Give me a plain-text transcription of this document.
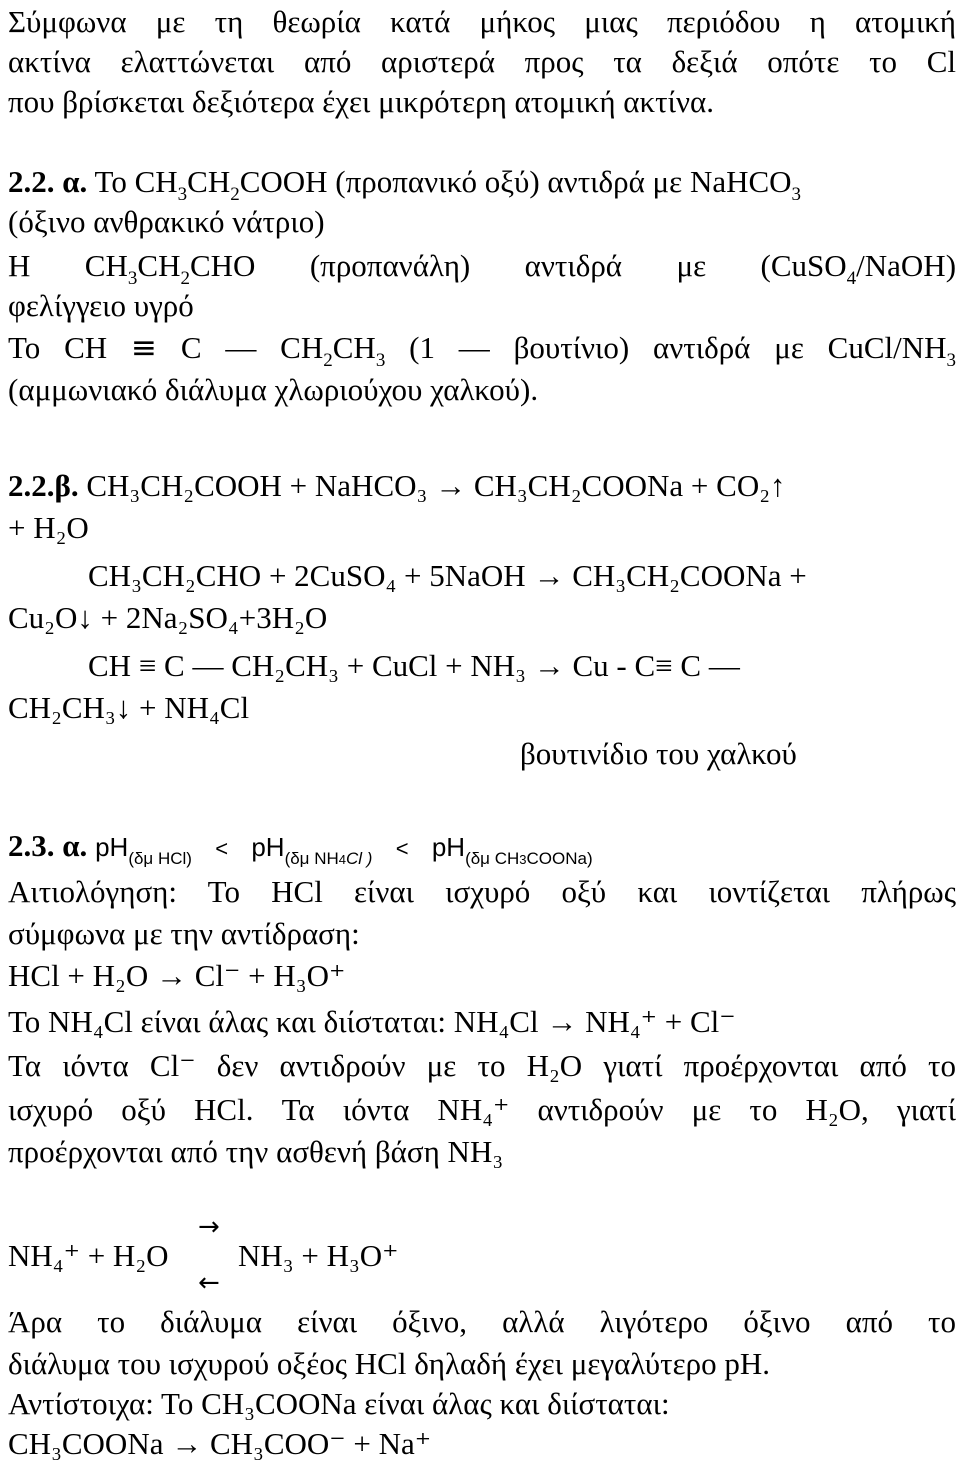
Σύμφωνα με τη θεωρία κατά μήκος μιας περιόδου η ατομική
ακτίνα ελαττώνεται από αριστερά προς τα δεξιά οπότε το Cl
που βρίσκεται δεξιότερα έχει μικρότερη ατομική ακτίνα.
2.2. α. Το $CH_3CH_2COOH$ (προπανικό οξύ) αντιδρά με NaHCO$_3$
(όξινο ανθρακικό νάτριο)
Η $CH_3CH_2CHO$ (προπανάλη) αντιδρά με (CuSO$_4$/NaOH)
φελίγγειο υγρό
Το CH ≡ C — $CH_2CH_3$ (1 — βουτίνιο) αντιδρά με CuCl/$NH_3$
(αμμωνιακό διάλυμα χλωριούχου χαλκού).
2.2.β. CH₃CH₂COOH + NaHCO₃ → CH₃CH₂COONa + CO₂↑
+ H₂O
CH₃CH₂CHO + 2CuSO₄ + 5NaOH → CH₃CH₂COONa +
Cu₂O↓ + 2Na₂SO₄+3H₂O
CH ≡ C — CH₂CH₃ + CuCl + NH₃ → Cu - C≡ C —
CH₂CH₃↓ + NH₄Cl
βουτινίδιο του χαλκού
2.3. α. $pH_{(\delta\mu HCl)} < pH_{(\delta\mu NH4Cl )} < pH_{(\delta\mu CH3COONa)}$
Αιτιολόγηση: Το HCl είναι ισχυρό οξύ και ιοντίζεται πλήρως
σύμφωνα με την αντίδραση:
HCl + H₂O → Cl⁻ + H₃O⁺
Το NH₄Cl είναι άλας και διίσταται: NH₄Cl → NH₄⁺ + Cl⁻
Τα ιόντα Cl⁻ δεν αντιδρούν με το H₂O γιατί προέρχονται από το
ισχυρό οξύ HCl. Τα ιόντα NH₄⁺ αντιδρούν με το H₂O, γιατί
προέρχονται από την ασθενή βάση NH₃
NH₄⁺ + H₂O
→
←
NH₃ + H₃O⁺
Άρα το διάλυμα είναι όξινο, αλλά λιγότερο όξινο από το
διάλυμα του ισχυρού οξέος HCl δηλαδή έχει μεγαλύτερο pH.
Αντίστοιχα: Το CH₃COONa είναι άλας και διίσταται:
CH₃COONa → CH₃COO⁻ + Na⁺
